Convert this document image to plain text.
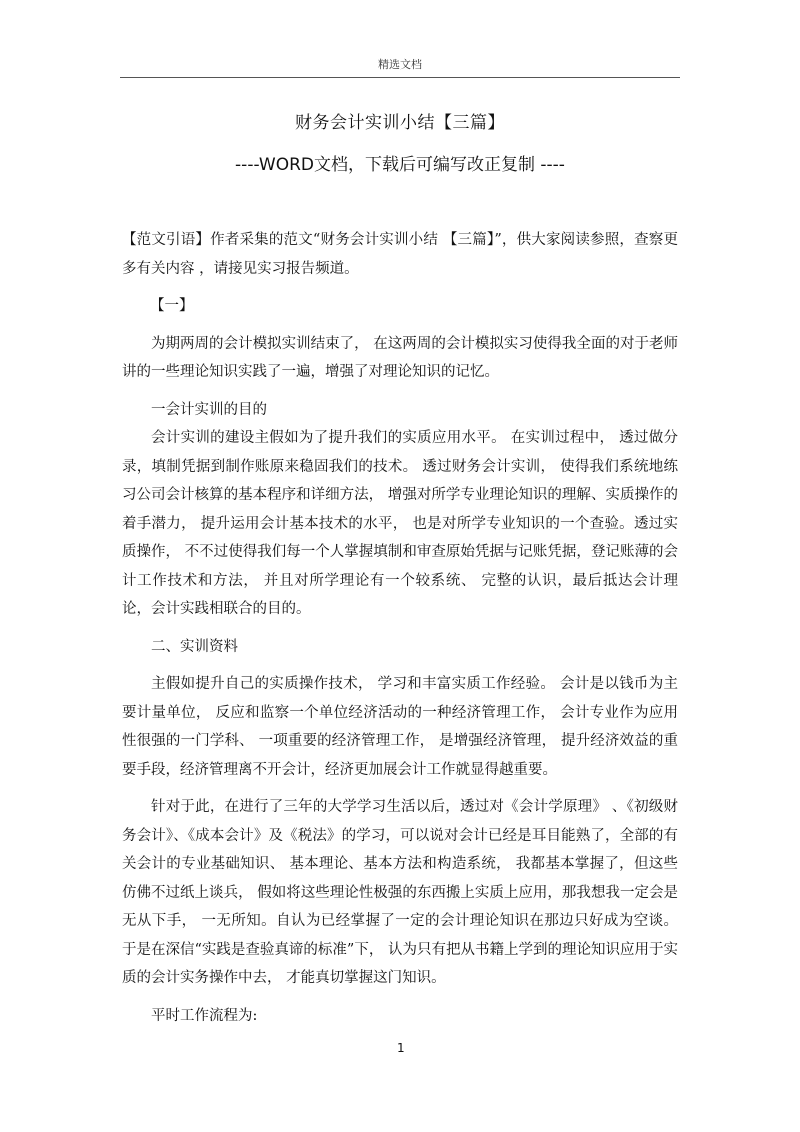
精选文档
财务会计实训小结【三篇】
----WORD文档，下载后可编写改正复制 ----

【范文引语】作者采集的范文“财务会计实训小结 【三篇】”，供大家阅读参照，查察更多有关内容 ，请接见实习报告频道。

【一】

为期两周的会计模拟实训结束了， 在这两周的会计模拟实习使得我全面的对于老师讲的一些理论知识实践了一遍，增强了对理论知识的记忆。

一会计实训的目的

会计实训的建设主假如为了提升我们的实质应用水平。 在实训过程中， 透过做分录，填制凭据到制作账原来稳固我们的技术。 透过财务会计实训， 使得我们系统地练习公司会计核算的基本程序和详细方法， 增强对所学专业理论知识的理解、实质操作的着手潜力， 提升运用会计基本技术的水平， 也是对所学专业知识的一个查验。透过实质操作， 不不过使得我们每一个人掌握填制和审查原始凭据与记账凭据，登记账薄的会计工作技术和方法， 并且对所学理论有一个较系统、 完整的认识，最后抵达会计理论，会计实践相联合的目的。

二、实训资料

主假如提升自己的实质操作技术， 学习和丰富实质工作经验。 会计是以钱币为主要计量单位， 反应和监察一个单位经济活动的一种经济管理工作， 会计专业作为应用性很强的一门学科、 一项重要的经济管理工作， 是增强经济管理， 提升经济效益的重要手段，经济管理离不开会计，经济更加展会计工作就显得越重要。

针对于此，在进行了三年的大学学习生活以后，透过对《会计学原理》 、《初级财务会计》、《成本会计》及《税法》的学习，可以说对会计已经是耳目能熟了，全部的有关会计的专业基础知识、 基本理论、基本方法和构造系统， 我都基本掌握了，但这些仿佛不过纸上谈兵， 假如将这些理论性极强的东西搬上实质上应用，那我想我一定会是无从下手， 一无所知。自认为已经掌握了一定的会计理论知识在那边只好成为空谈。 于是在深信“实践是查验真谛的标准”下， 认为只有把从书籍上学到的理论知识应用于实质的会计实务操作中去， 才能真切掌握这门知识。

平时工作流程为:

1
